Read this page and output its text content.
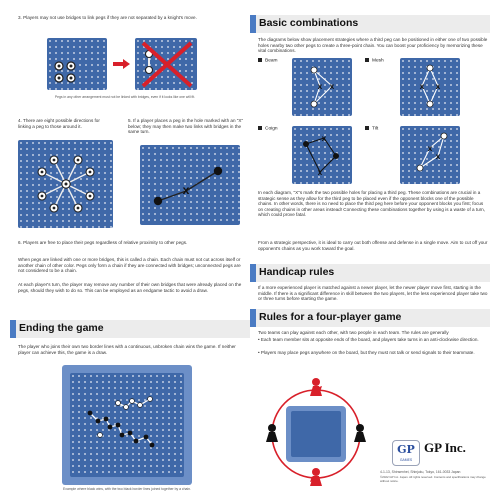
3. Players may not use bridges to link pegs if they are not separated by a knight's move.
Pegs in any other arrangement must not be linked with bridges, even if it looks like one will fit.
4. There are eight possible directions for linking a peg to those around it.
5. If a player places a peg in the hole marked with an "X" below; they may then make two links with bridges in the same turn.
X
6. Players are free to place their pegs regardless of relative proximity to other pegs.
When pegs are linked with one or more bridges, this is called a chain. Each chain must not cut across itself or another chain of other color. Pegs only form a chain if they are connected with bridges; unconnected pegs are not considered to be a chain.
At each player's turn, the player may remove any number of their own bridges that were already placed on the pegs, should they wish to do so. This can be employed as an endgame tactic to avoid a draw.
Ending the game
The player who joins their own two border lines with a continuous, unbroken chain wins the game. If neither player can achieve this, the game is a draw.
Example where black wins, with the two black border lines joined together by a chain.
Basic combinations
The diagrams below show placement strategies where a third peg can be positioned in either one of two possible holes nearby two other pegs to create a three-point chain. You can boost your proficiency by memorizing these vital combinations.
Beam	Mesh
Coign	Tilt
X X	X X
X
X
X
X
In each diagram, "X"s mark the two possible holes for placing a third peg. These combinations are crucial in a strategic sense as they allow for the third peg to be placed even if the opponent blocks one of the possible chains. In other words, there is no need to place the third peg here before your opponent blocks you first; focus on creating chains in other areas instead! Connecting these combinations together by using is a waste of a turn, which could prove fatal.
From a strategic perspective, it is ideal to carry out both offense and defense in a single move. Aim to cut off your opponent's chains as you work toward the goal.
Handicap rules
If a more experienced player is matched against a newer player, let the newer player move first, starting in the middle. If there is a significant difference in skill between the two players, let the less experienced player take two or three turns before starting the game.
Rules for a four-player game
Two teams can play against each other, with two people in each team. The rules are generally
• Each team member sits at opposite ends of the board, and players take turns in an anti-clockwise direction.
• Players may place pegs anywhere on the board, but they must not talk or send signals to their teammate.
GP
GAMES
GP Inc.
4-1-13, Shinsenhei, Shinjuku, Tokyo, 161-0033 Japan
©2022 GP Inc. Japan. All rights reserved. Contents and specifications may change without notice.
